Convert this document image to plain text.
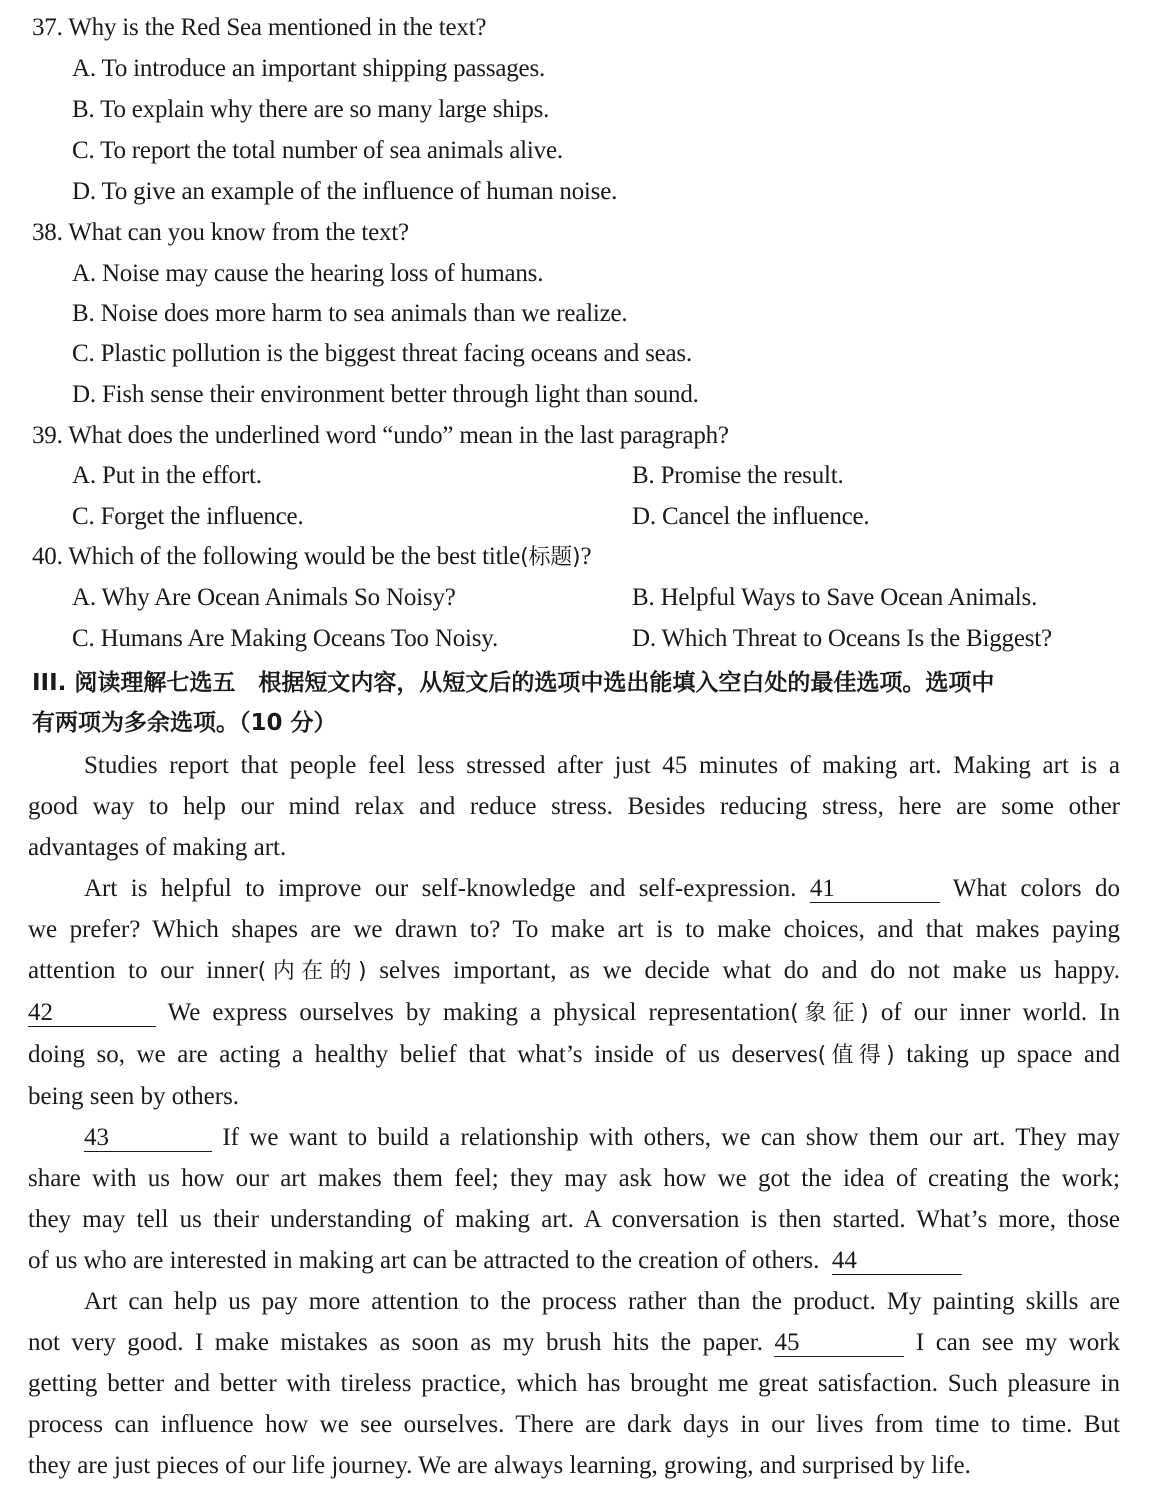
37. Why is the Red Sea mentioned in the text?
A. To introduce an important shipping passages.
B. To explain why there are so many large ships.
C. To report the total number of sea animals alive.
D. To give an example of the influence of human noise.
38. What can you know from the text?
A. Noise may cause the hearing loss of humans.
B. Noise does more harm to sea animals than we realize.
C. Plastic pollution is the biggest threat facing oceans and seas.
D. Fish sense their environment better through light than sound.
39. What does the underlined word “undo” mean in the last paragraph?
A. Put in the effort.	B. Promise the result.
C. Forget the influence.	D. Cancel the influence.
40. Which of the following would be the best title(标题)?
A. Why Are Ocean Animals So Noisy?	B. Helpful Ways to Save Ocean Animals.
C. Humans Are Making Oceans Too Noisy.	D. Which Threat to Oceans Is the Biggest?
III. 阅读理解七选五　根据短文内容，从短文后的选项中选出能填入空白处的最佳选项。选项中
有两项为多余选项。（10 分）
Studies report that people feel less stressed after just 45 minutes of making art. Making art is a
good way to help our mind relax and reduce stress. Besides reducing stress, here are some other
advantages of making art.
Art is helpful to improve our self-knowledge and self-expression. 41	What colors do
we prefer? Which shapes are we drawn to? To make art is to make choices, and that makes paying
attention to our inner(内在的) selves important, as we decide what do and do not make us happy.
42	We express ourselves by making a physical representation(象征) of our inner world. In
doing so, we are acting a healthy belief that what’s inside of us deserves(值得) taking up space and
being seen by others.
43	If we want to build a relationship with others, we can show them our art. They may
share with us how our art makes them feel; they may ask how we got the idea of creating the work;
they may tell us their understanding of making art. A conversation is then started. What’s more, those
of us who are interested in making art can be attracted to the creation of others. 44
Art can help us pay more attention to the process rather than the product. My painting skills are
not very good. I make mistakes as soon as my brush hits the paper. 45	I can see my work
getting better and better with tireless practice, which has brought me great satisfaction. Such pleasure in
process can influence how we see ourselves. There are dark days in our lives from time to time. But
they are just pieces of our life journey. We are always learning, growing, and surprised by life.
